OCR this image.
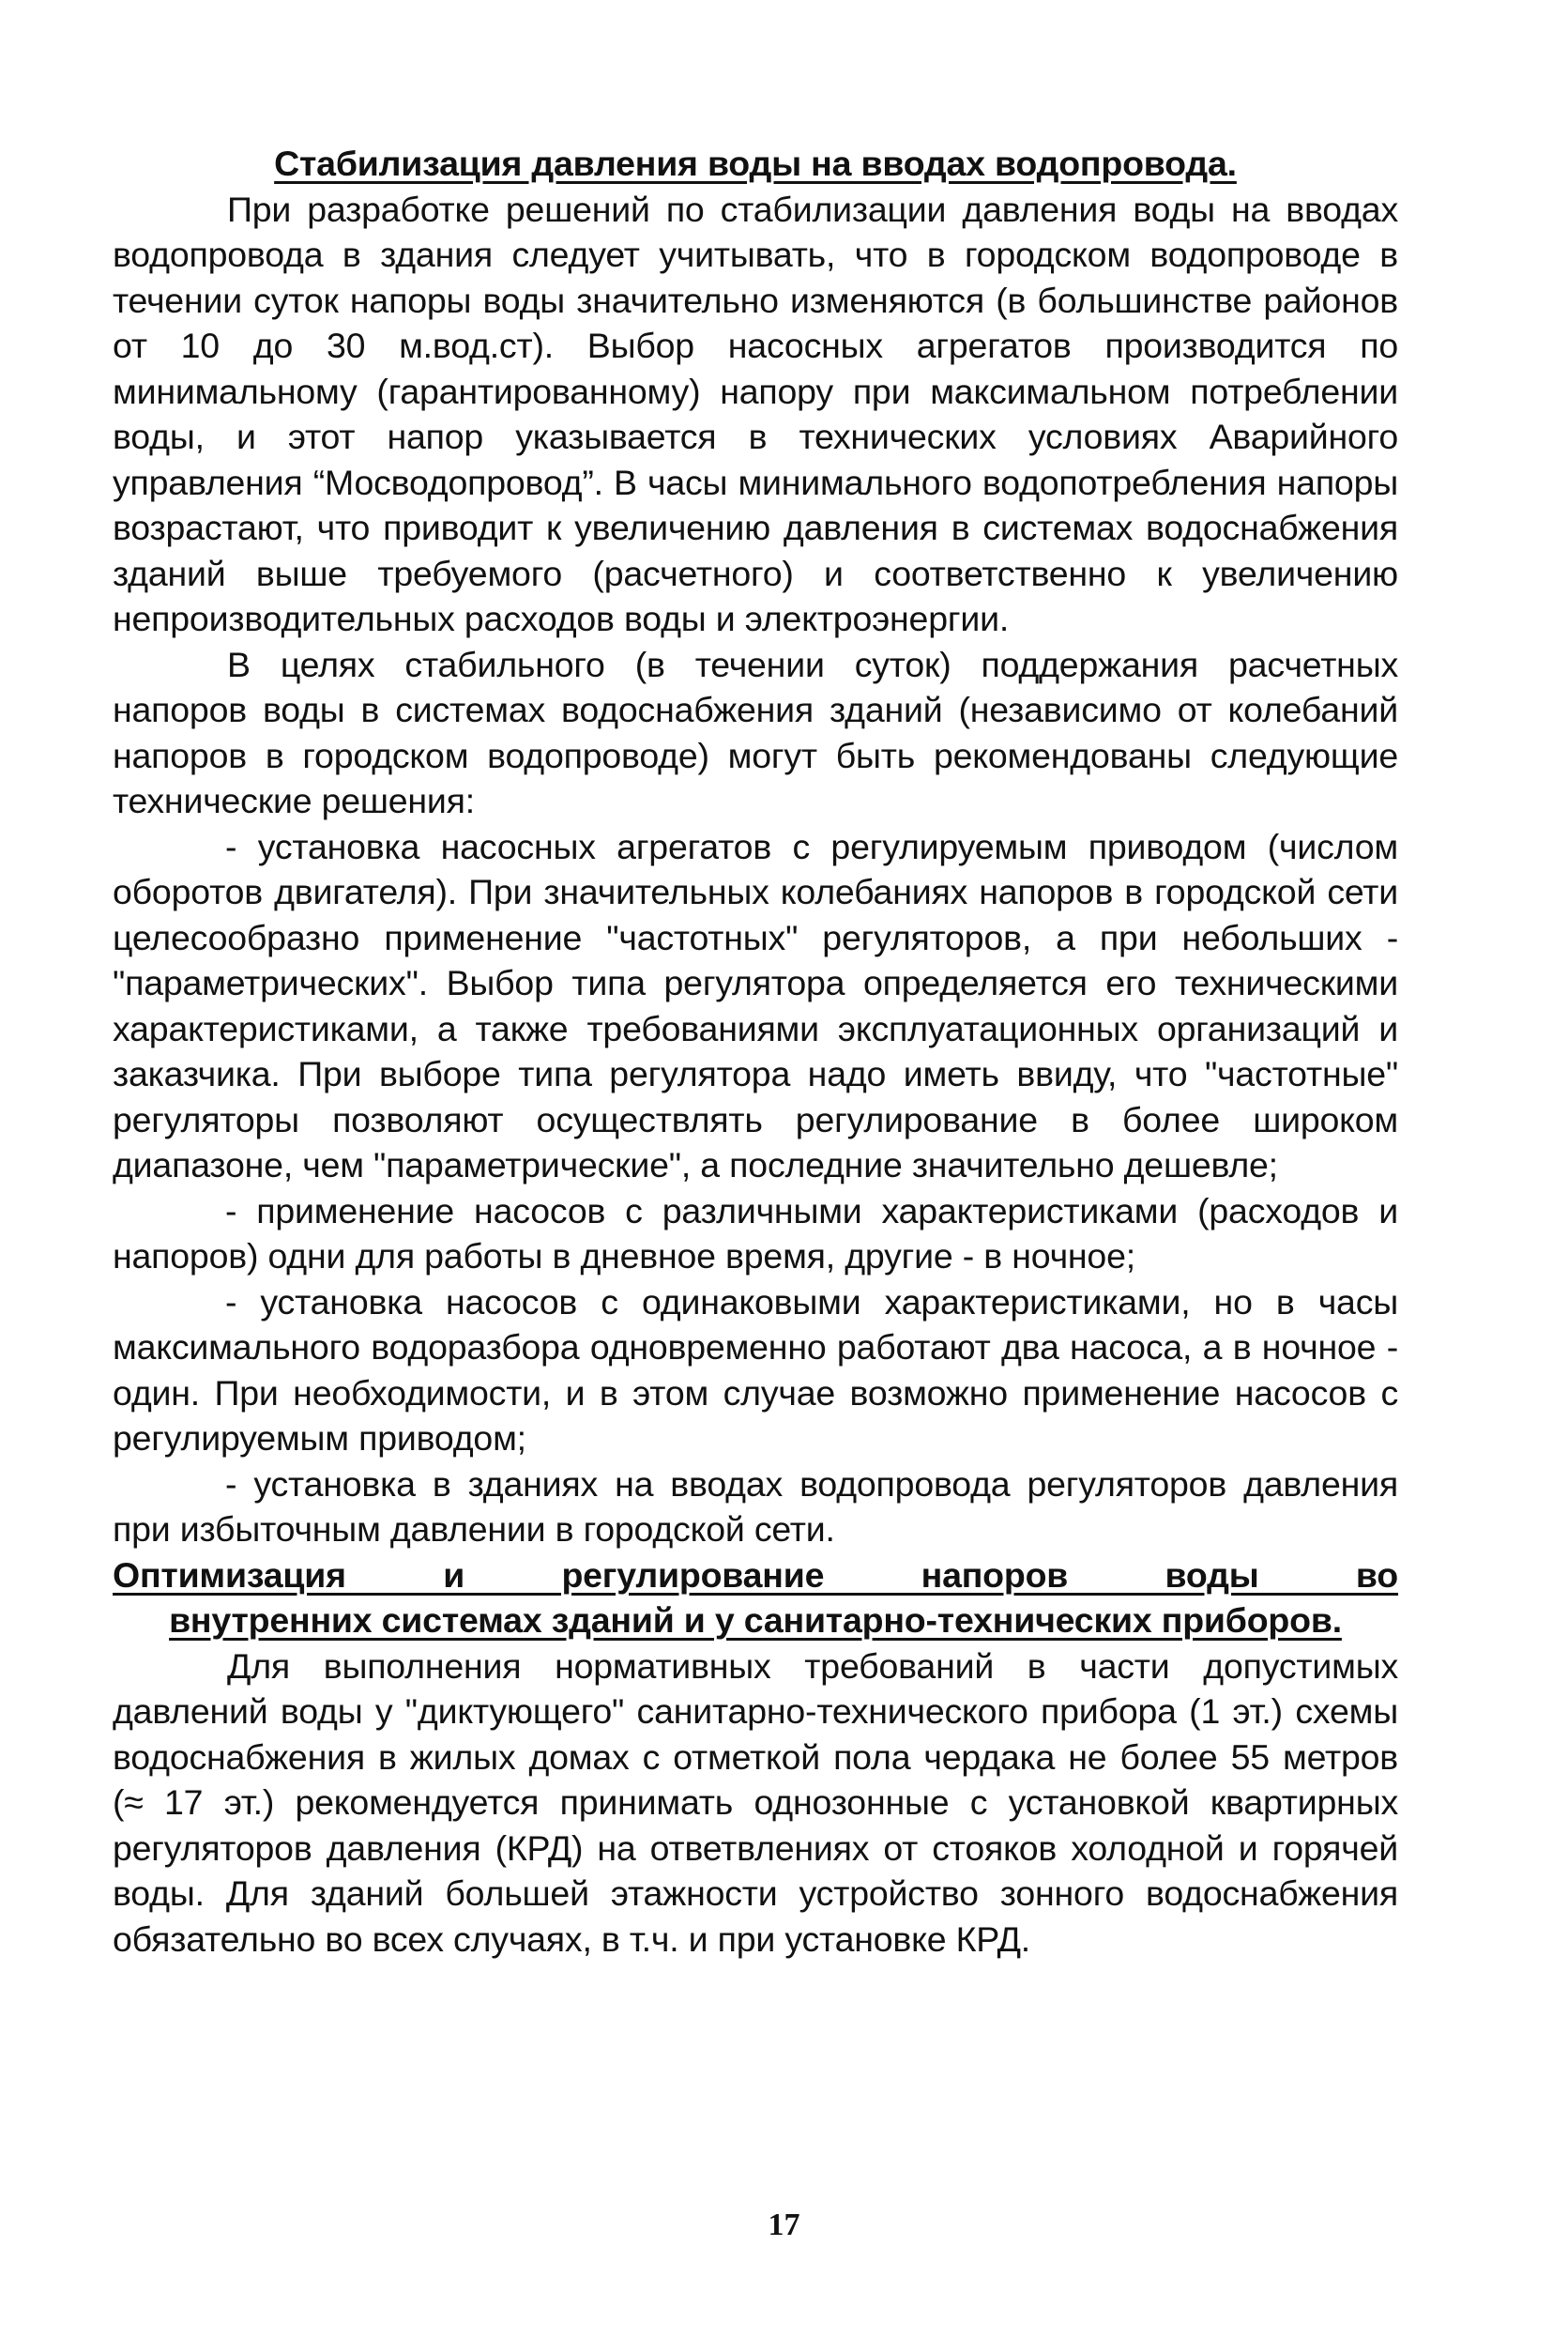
Стабилизация давления воды на вводах водопровода.

При разработке решений по стабилизации давления воды на вводах водопровода в здания следует учитывать, что в городском водопроводе в течении суток напоры воды значительно изменяются (в большинстве районов от 10 до 30 м.вод.ст). Выбор насосных агрегатов производится по минимальному (гарантированному) напору при максимальном потреблении воды, и этот напор указывается в технических условиях Аварийного управления “Мосводопровод”. В часы минимального водопотребления напоры возрастают, что приводит к увеличению давления в системах водоснабжения зданий выше требуемого (расчетного) и соответственно к увеличению непроизводительных расходов воды и электроэнергии.

В целях стабильного (в течении суток) поддержания расчетных напоров воды в системах водоснабжения зданий (независимо от колебаний напоров в городском водопроводе) могут быть рекомендованы следующие технические решения:

- установка насосных агрегатов с регулируемым приводом (числом оборотов двигателя). При значительных колебаниях напоров в городской сети целесообразно применение "частотных" регуляторов, а при небольших -"параметрических". Выбор типа регулятора определяется его техническими характеристиками, а также требованиями эксплуатационных организаций и заказчика. При выборе типа регулятора надо иметь ввиду, что "частотные" регуляторы позволяют осуществлять регулирование в более широком диапазоне, чем "параметрические", а последние значительно дешевле;

- применение насосов с различными характеристиками (расходов и напоров) одни для работы в дневное время, другие - в ночное;

- установка насосов с одинаковыми характеристиками, но в часы максимального водоразбора одновременно работают два насоса, а в ночное - один. При необходимости, и в этом случае возможно применение насосов с регулируемым приводом;

- установка в зданиях на вводах водопровода регуляторов давления при избыточным давлении в городской сети.

Оптимизация и регулирование напоров воды во

внутренних системах зданий и у санитарно-технических приборов.

Для выполнения нормативных требований в части допустимых давлений воды у "диктующего" санитарно-технического прибора (1 эт.) схемы водоснабжения в жилых домах с отметкой пола чердака не более 55 метров (≈ 17 эт.) рекомендуется принимать однозонные с установкой квартирных регуляторов давления (КРД) на ответвлениях от стояков холодной и горячей воды. Для зданий большей этажности устройство зонного водоснабжения обязательно во всех случаях, в т.ч. и при установке КРД.

17
